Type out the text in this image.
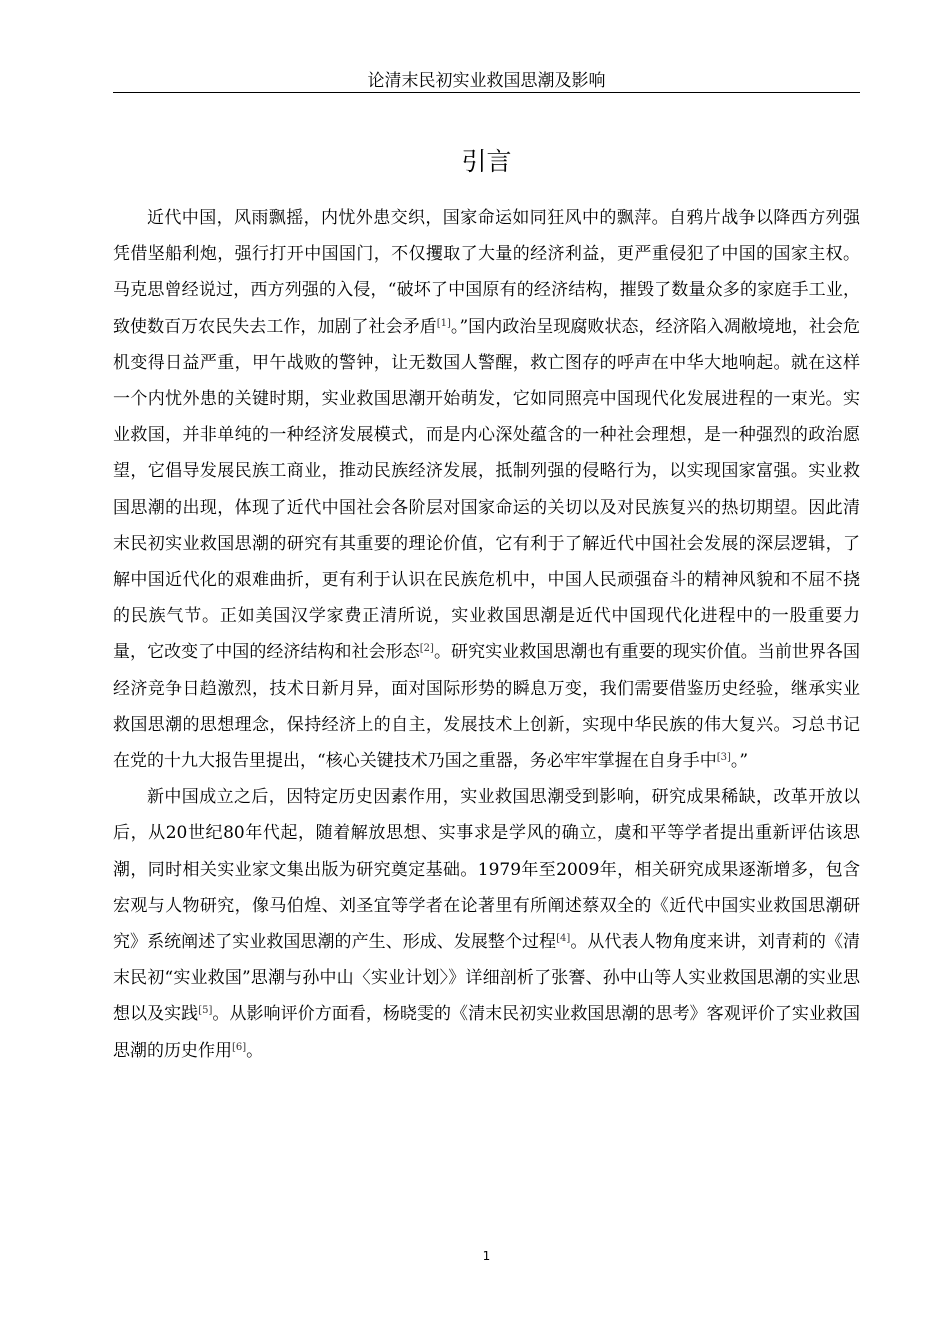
论清末民初实业救国思潮及影响
引言

近代中国，风雨飘摇，内忧外患交织，国家命运如同狂风中的飘萍。自鸦片战争以降西方列强凭借坚船利炮，强行打开中国国门，不仅攫取了大量的经济利益，更严重侵犯了中国的国家主权。马克思曾经说过，西方列强的入侵，“破坏了中国原有的经济结构，摧毁了数量众多的家庭手工业，致使数百万农民失去工作，加剧了社会矛盾[1]。”国内政治呈现腐败状态，经济陷入凋敝境地，社会危机变得日益严重，甲午战败的警钟，让无数国人警醒，救亡图存的呼声在中华大地响起。就在这样一个内忧外患的关键时期，实业救国思潮开始萌发，它如同照亮中国现代化发展进程的一束光。实业救国，并非单纯的一种经济发展模式，而是内心深处蕴含的一种社会理想，是一种强烈的政治愿望，它倡导发展民族工商业，推动民族经济发展，抵制列强的侵略行为，以实现国家富强。实业救国思潮的出现，体现了近代中国社会各阶层对国家命运的关切以及对民族复兴的热切期望。因此清末民初实业救国思潮的研究有其重要的理论价值，它有利于了解近代中国社会发展的深层逻辑，了解中国近代化的艰难曲折，更有利于认识在民族危机中，中国人民顽强奋斗的精神风貌和不屈不挠的民族气节。正如美国汉学家费正清所说，实业救国思潮是近代中国现代化进程中的一股重要力量，它改变了中国的经济结构和社会形态[2]。研究实业救国思潮也有重要的现实价值。当前世界各国经济竞争日趋激烈，技术日新月异，面对国际形势的瞬息万变，我们需要借鉴历史经验，继承实业救国思潮的思想理念，保持经济上的自主，发展技术上创新，实现中华民族的伟大复兴。习总书记在党的十九大报告里提出，“核心关键技术乃国之重器，务必牢牢掌握在自身手中[3]。”

新中国成立之后，因特定历史因素作用，实业救国思潮受到影响，研究成果稀缺，改革开放以后，从20世纪80年代起，随着解放思想、实事求是学风的确立，虞和平等学者提出重新评估该思潮，同时相关实业家文集出版为研究奠定基础。1979年至2009年，相关研究成果逐渐增多，包含宏观与人物研究，像马伯煌、刘圣宜等学者在论著里有所阐述蔡双全的《近代中国实业救国思潮研究》系统阐述了实业救国思潮的产生、形成、发展整个过程[4]。从代表人物角度来讲，刘青莉的《清末民初“实业救国”思潮与孙中山〈实业计划〉》详细剖析了张謇、孙中山等人实业救国思潮的实业思想以及实践[5]。从影响评价方面看，杨晓雯的《清末民初实业救国思潮的思考》客观评价了实业救国思潮的历史作用[6]。

1
